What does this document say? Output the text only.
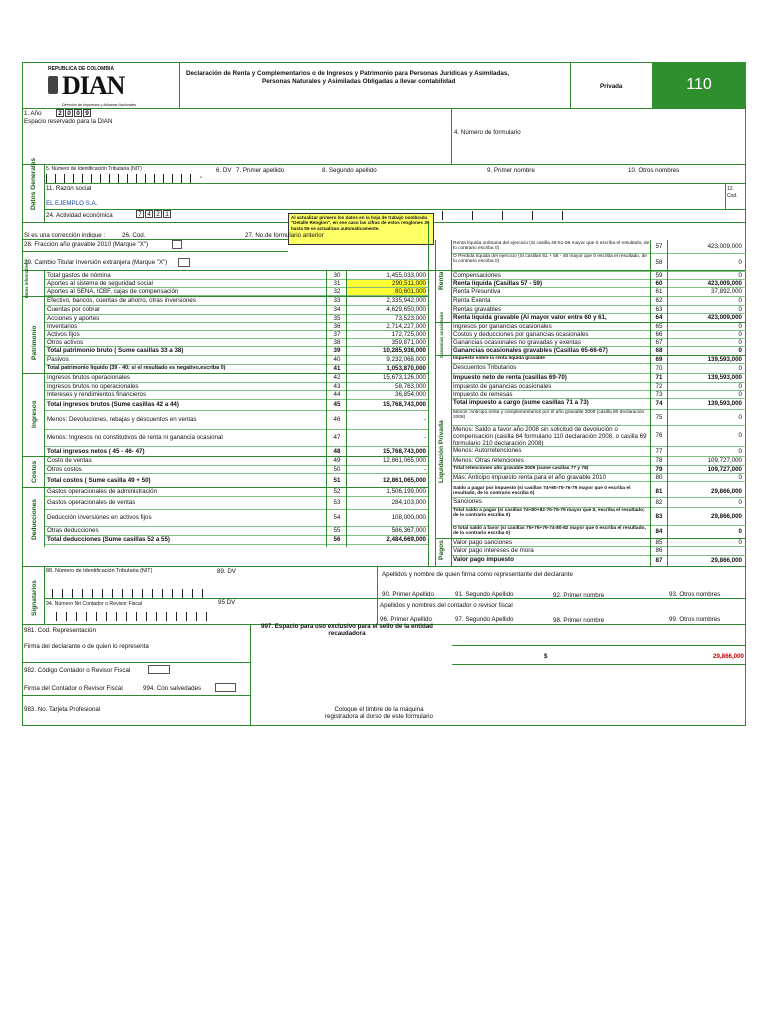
REPUBLICA DE COLOMBIA
DIAN
Dirección de Impuestos y Aduanas Nacionales
Declaración de Renta y Complementarios o de Ingresos y Patrimonio para Personas Jurídicas y Asimiladas,
Personas Naturales y Asimiladas Obligadas a llevar contabilidad
Privada	110
1. Año	2 0 0 9
Espacio reservado para la DIAN
4. Número de formulario
Datos Generales 5. Número de Identificación Tributaria (NIT)
-
6. DV 7. Primer apellido	8. Segundo apellido	9. Primer nombre	10. Otros nombres
11. Razón social	12. Cod.
EL EJEMPLO S.A.
24. Actividad económica	7 4 2 1	Al actualizar primero los datos en la hoja de trabajo nombrada "Detalle Renglon", en ese caso las cifras de estos renglones 30 hasta 55 se actualizan automáticamente.
Si es una corrección indique :	26. Cod.	27. No.de formulario anterior
28. Fracción año gravable 2010 (Marque "X")
29. Cambio Titular Inversión extranjera (Marque "X")
Total gastos de nómina	30	1,455,033,000
Aportes al sistema de seguridad social	31	290,511,000
Aportes al SENA, ICBF, cajas de compensación	32	80,601,000
Efectivo, bancos, cuentas de ahorro, otras inversiones	33	2,335,942,000
Cuentas por cobrar	34	4,629,650,000
Acciones y aportes	35	73,523,000
Inventarios	36	2,714,227,000
Activos fijos	37	172,725,000
Otros activos	38	359,871,000
Total patrimonio bruto ( Sume casillas 33 a 38)	39	10,285,938,000
Pasivos	40	9,232,068,000
Total patrimonio líquido (39 - 40; si el resultado es negativo,escriba 0)	41	1,053,870,000
Ingresos brutos operacionales	42	15,673,126,000
Ingresos brutos no operacionales	43	58,763,000
Intereses y rendimientos financieros	44	36,854,000
Total ingresos brutos (Sume casillas 42 a 44)	45	15,768,743,000
Menos: Devoluciones, rebajas y descuentos en ventas	46	-
Menos: Ingresos no constitutivos de renta ni ganancia ocasional	47	-
Total ingresos netos ( 45 - 46- 47)	48	15,768,743,000
Costo de ventas	49	12,861,065,000
Otros costos	50	-
Total costos ( Sume casilla 49 + 50)	51	12,861,065,000
Gastos operacionales de administración	52	1,506,199,000
Gastos operacionales de ventas	53	284,103,000
Deducción inversiones en activos fijos	54	108,000,000
Otras deducciones	55	586,367,000
Total deducciones (Sume casillas 52 a 55)	56	2,484,669,000
Datos informativos
Patrimonio
Ingresos
Costos
Deducciones
Renta líquida ordinaria del ejercicio (Si casilla 48-51-56 mayor que 0 escriba el resultado, de lo contrario escriba 0)	57	423,009,000
O Pérdida líquida del ejercicio (Si casillas 51 + 56 - 48 mayor que 0 escriba el resultado, de lo contrario escriba 0)	58	0
Compensaciones	59	0
Renta líquida (Casillas 57 - 59)	60	423,009,000
Renta Presuntiva	61	37,892,000
Renta Exenta	62	0
Rentas gravables	63	0
Renta líquida gravable (Al mayor valor entre 60 y 61,	64	423,009,000
Ingresos por ganancias ocasionales	65	0
Costos y deducciones por ganancias ocasionales	66	0
Ganancias ocasionales no gravadas y exentas	67	0
Ganancias ocasionales gravables (Casillas 65-66-67)	68	0
Impuesto sobre la renta líquida gravable	69	139,593,000
Descuentos Tributarios	70	0
Impuesto neto de renta (casillas 69-70)	71	139,593,000
Impuesto de ganancias ocasionales	72	0
Impuesto de remesas	73	0
Total impuesto a cargo (sume casillas 71 a 73)	74	139,593,000
Menos :Anticipo renta y complementarios por el año gravable 2009 (casilla 80 declaración 2008)	75	0
Menos: Saldo a favor año 2008 sin solicitud de devolución o compensación (casilla 84 formulario 110 declaración 2008, o casilla 69 formulario 210 declaración 2008)
76	0
Menos: Autorretenciones	77	0
Menos: Otras retenciones	78	109,727,000
Total retenciones año gravable 2009 (sume casillas 77 y 78)	79	109,727,000
Más: Anticipo impuesto renta para el año gravable 2010	80	0
Saldo a pagar por impuesto (si casillas 74+80-75-76-79 mayor que 0 escriba el resultado, de lo contrario escriba 0)	81	29,866,000
Sanciones	82	0
Total saldo a pagar (si casillas 74+80+82-75-76-79 mayor que 0, escriba el resultado; de lo contrario escriba 0)	83	29,866,000
O total saldo a favor (si casillas 75+76+79-74-80-82 mayor que 0 escriba el resultado, de lo contrario escriba 0)	84	0
Valor pago sanciones	85	0
Valor pago intereses de mora	86
Valor pago impuesto	87	29,866,000
Renta
Ganancias ocasionales
Liquidación Privada
Pagos
Signatarios
88. Número de Identificación Tributaria (NIT)	89. DV	Apellidos y nombre de quien firma como representante del declarante
90. Primer Apellido	91. Segundo Apellido	92. Primer nombre	93. Otros nombres
94. Número Nit Contador o Revisor Fiscal	95 DV	Apellidos y nombres del contador o revisor fiscal
96. Primer Apellido	97. Segundo Apellido	98. Primer nombre	99. Otros nombres
981. Cod. Representación
997. Espacio para uso exclusivo para el sello de la entidad recaudadora
Firma del declarante o de quien lo representa
$	29,866,000
982. Código Contador o Revisor Fiscal
Firma del Contador o Revisor Fiscal	994. Con salvedades
983. No. Tarjeta Profesional	Coloque el timbre de la máquina registradora al dorso de este formulario
